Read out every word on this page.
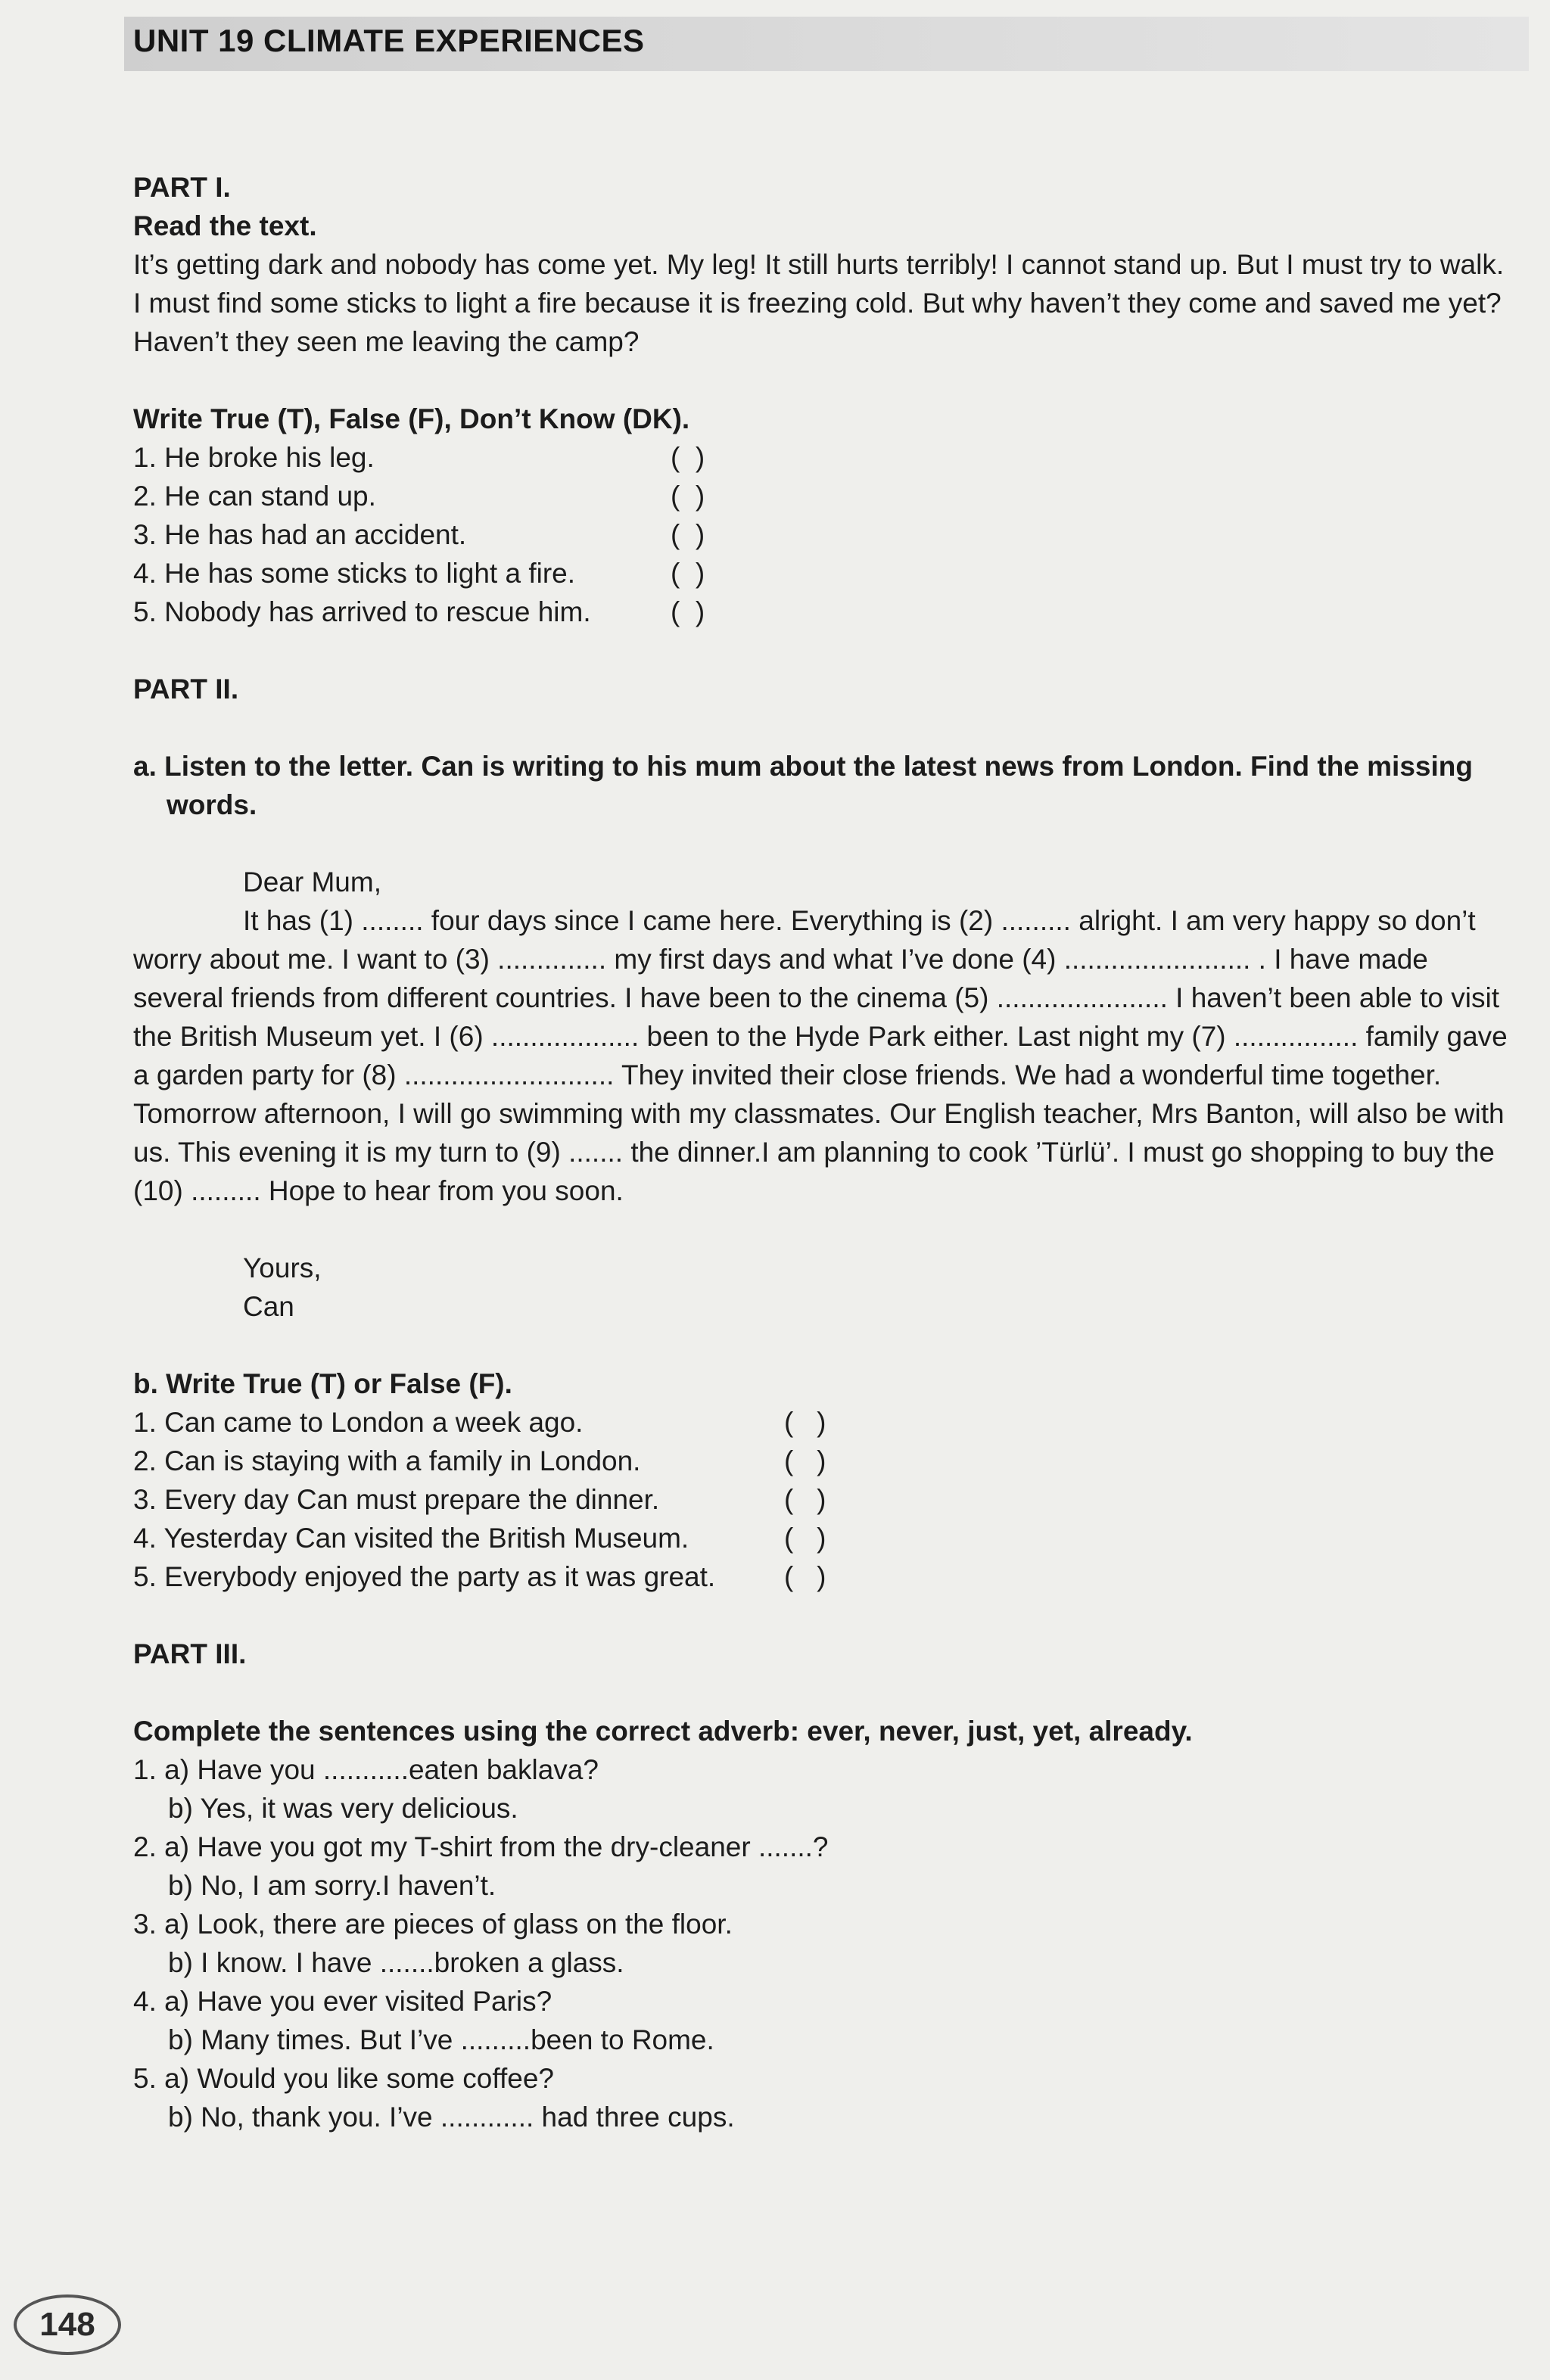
UNIT 19 CLIMATE EXPERIENCES

PART I.

Read the text.

It’s getting dark and nobody has come yet. My leg! It still hurts terribly! I cannot stand up. But I must try to walk.

I must find some sticks to light a fire because it is freezing cold. But why haven’t they come and saved me yet? Haven’t they seen me leaving the camp?

Write True (T), False (F), Don’t Know (DK).

1. He broke his leg.	(  )

2. He can stand up.	(  )

3. He has had an accident.	(  )

4. He has some sticks to light a fire.	(  )

5. Nobody has arrived to rescue him.	(  )

PART II.

a. Listen to the letter. Can is writing to his mum about the latest news from London. Find the missing words.

Dear Mum,

It has (1) ........ four days since I came here. Everything is (2) ......... alright. I am very happy so don’t worry about me. I want to (3) .............. my first days and what I’ve done (4) ........................ . I have made several friends from different countries. I have been to the cinema (5) ...................... I haven’t been able to visit the British Museum yet. I (6) ................... been to the Hyde Park either. Last night my (7) ................ family gave a garden party for (8) ........................... They invited their close friends. We had a wonderful time together. Tomorrow afternoon, I will go swimming with my classmates. Our English teacher, Mrs Banton, will also be with us. This evening it is my turn to (9) ....... the dinner.I am planning to cook ’Türlü’. I must go shopping to buy the (10) ......... Hope to hear from you soon.

Yours,

Can

b. Write True (T) or False (F).

1. Can came to London a week ago.	(   )

2. Can is staying with a family in London.	(   )

3. Every day Can must prepare the dinner.	(   )

4. Yesterday Can visited the British Museum.	(   )

5. Everybody enjoyed the party as it was great.	(   )

PART III.

Complete the sentences using the correct adverb: ever, never, just, yet, already.

1. a) Have you ...........eaten baklava?

b) Yes, it was very delicious.

2. a) Have you got my T-shirt from the dry-cleaner .......?

b) No, I am sorry.I haven’t.

3. a) Look, there are pieces of glass on the floor.

b) I know. I have .......broken a glass.

4. a) Have you ever visited Paris?

b) Many times. But I’ve .........been to Rome.

5. a) Would you like some coffee?

b) No, thank you. I’ve ............ had three cups.

148
